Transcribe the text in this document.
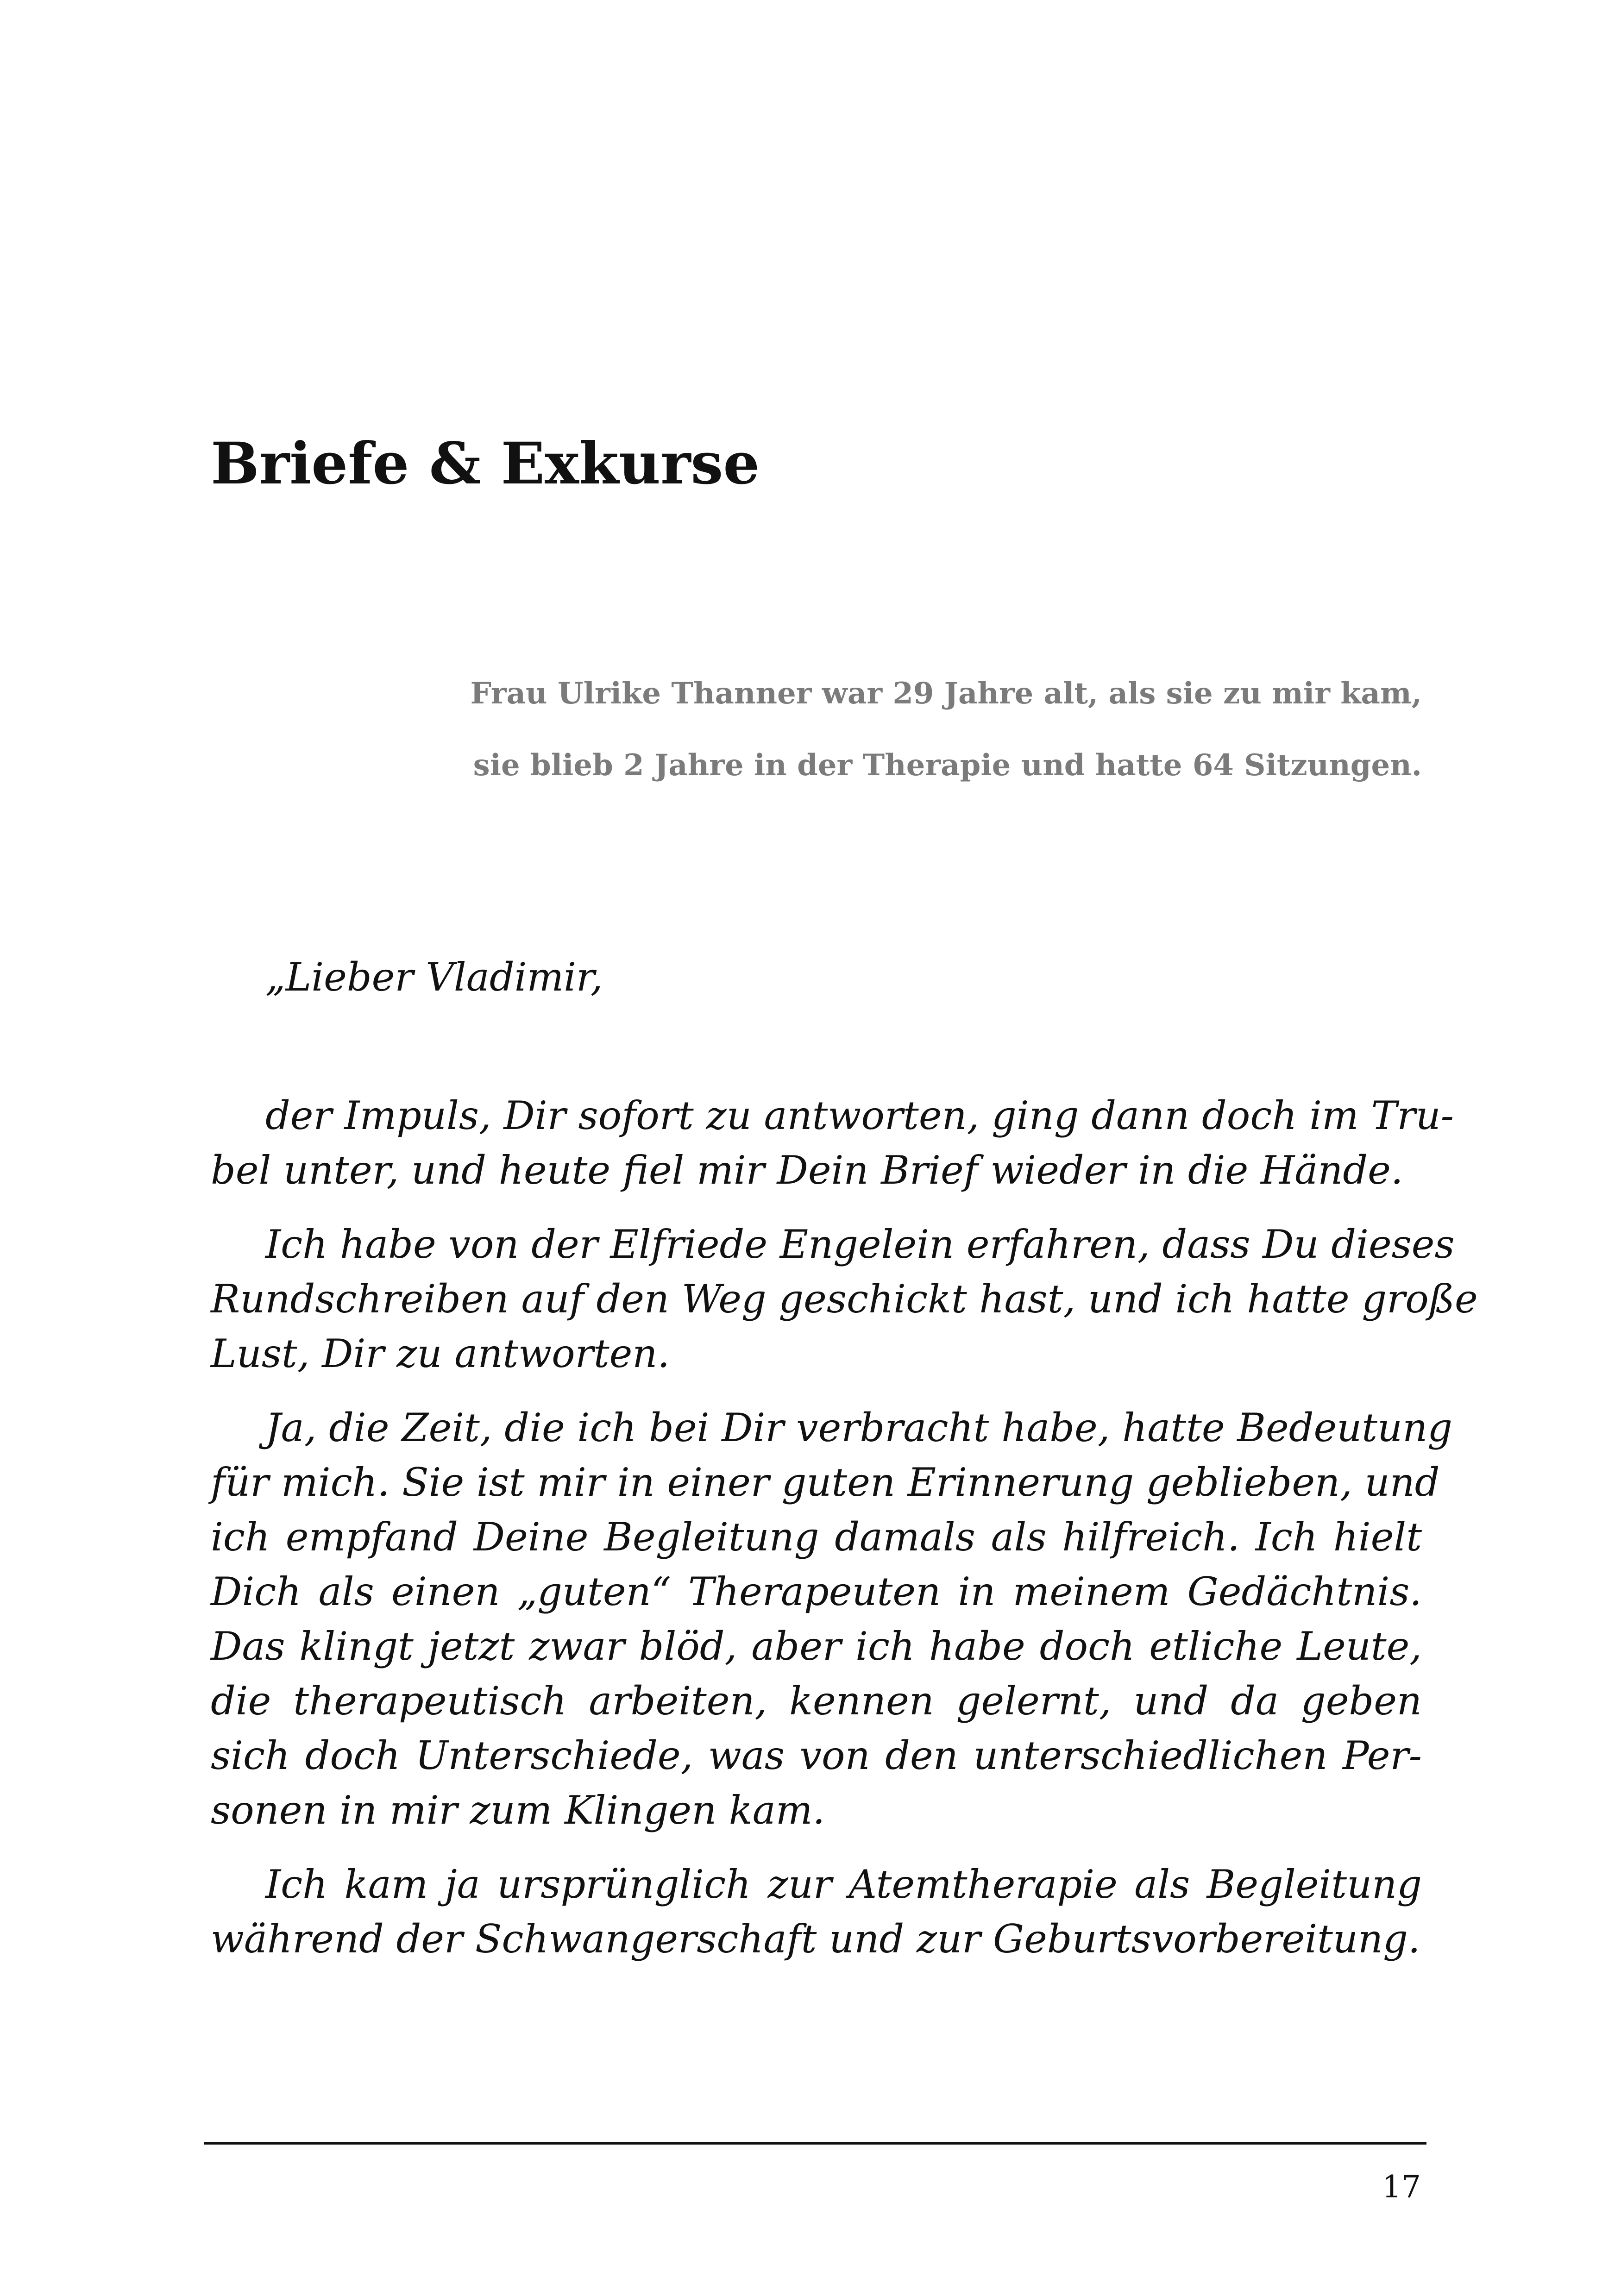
Briefe & Exkurse
Frau Ulrike Thanner war 29 Jahre alt, als sie zu mir kam,
sie blieb 2 Jahre in der Therapie und hatte 64 Sitzungen.
„Lieber Vladimir,
der Impuls, Dir sofort zu antworten, ging dann doch im Tru-
bel unter, und heute fiel mir Dein Brief wieder in die Hände.
Ich habe von der Elfriede Engelein erfahren, dass Du dieses
Rundschreiben auf den Weg geschickt hast, und ich hatte große
Lust, Dir zu antworten.
Ja, die Zeit, die ich bei Dir verbracht habe, hatte Bedeutung
für mich. Sie ist mir in einer guten Erinnerung geblieben, und
ich empfand Deine Begleitung damals als hilfreich. Ich hielt
Dich als einen „guten“ Therapeuten in meinem Gedächtnis.
Das klingt jetzt zwar blöd, aber ich habe doch etliche Leute,
die therapeutisch arbeiten, kennen gelernt, und da geben
sich doch Unterschiede, was von den unterschiedlichen Per-
sonen in mir zum Klingen kam.
Ich kam ja ursprünglich zur Atemtherapie als Begleitung
während der Schwangerschaft und zur Geburtsvorbereitung.
17
